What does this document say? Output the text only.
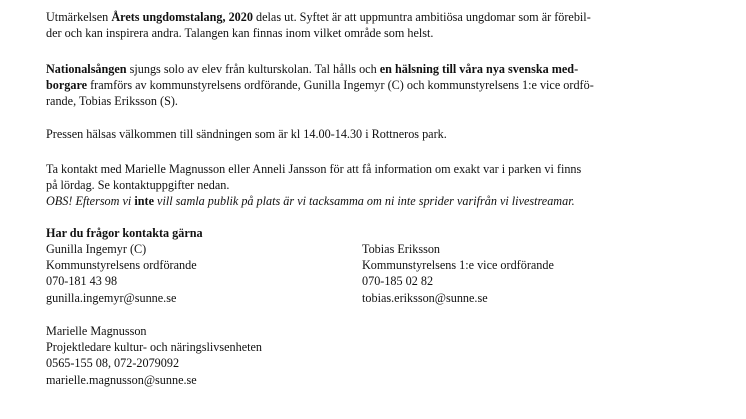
Utmärkelsen Årets ungdomstalang, 2020 delas ut. Syftet är att uppmuntra ambitiösa ungdomar som är förebil-
der och kan inspirera andra. Talangen kan finnas inom vilket område som helst.
Nationalsången sjungs solo av elev från kulturskolan. Tal hålls och en hälsning till våra nya svenska med-
borgare framförs av kommunstyrelsens ordförande, Gunilla Ingemyr (C) och kommunstyrelsens 1:e vice ordfö-
rande, Tobias Eriksson (S).
Pressen hälsas välkommen till sändningen som är kl 14.00-14.30 i Rottneros park.
Ta kontakt med Marielle Magnusson eller Anneli Jansson för att få information om exakt var i parken vi finns
på lördag. Se kontaktuppgifter nedan.
OBS! Eftersom vi inte vill samla publik på plats är vi tacksamma om ni inte sprider varifrån vi livestreamar.
Har du frågor kontakta gärna
Gunilla Ingemyr (C)
Kommunstyrelsens ordförande
070-181 43 98
gunilla.ingemyr@sunne.se
Tobias Eriksson
Kommunstyrelsens 1:e vice ordförande
070-185 02 82
tobias.eriksson@sunne.se
Marielle Magnusson
Projektledare kultur- och näringslivsenheten
0565-155 08, 072-2079092
marielle.magnusson@sunne.se
